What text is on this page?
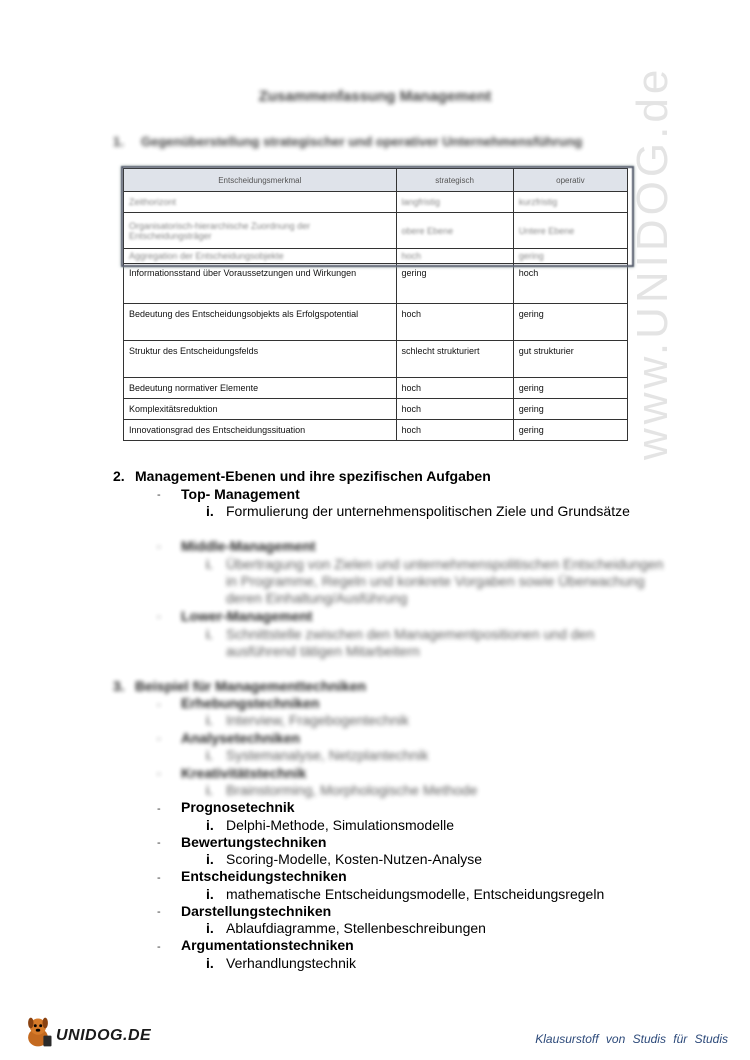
www.UNIDOG.de
Zusammenfassung Management
1. Gegenüberstellung strategischer und operativer Unternehmensführung
Entscheidungsmerkmal	strategisch	operativ
Zeithorizont	langfristig	kurzfristig
Organisatorisch-hierarchische Zuordnung der Entscheidungsträger	obere Ebene	Untere Ebene
Aggregation der Entscheidungsobjekte	hoch	gering
Informationsstand über Voraussetzungen und Wirkungen	gering	hoch
Bedeutung des Entscheidungsobjekts als Erfolgspotential	hoch	gering
Struktur des Entscheidungsfelds	schlecht strukturiert	gut strukturier
Bedeutung normativer Elemente	hoch	gering
Komplexitätsreduktion	hoch	gering
Innovationsgrad des Entscheidungssituation	hoch	gering
2. Management-Ebenen und ihre spezifischen Aufgaben
- Top- Management
i. Formulierung der unternehmenspolitischen Ziele und Grundsätze
- Middle-Management
i. Übertragung von Zielen und unternehmenspolitischen Entscheidungen in Programme, Regeln und konkrete Vorgaben sowie Überwachung deren Einhaltung/Ausführung
- Lower-Management
i. Schnittstelle zwischen den Managementpositionen und den ausführend tätigen Mitarbeitern
3. Beispiel für Managementtechniken
- Erhebungstechniken
i. Interview, Fragebogentechnik
- Analysetechniken
i. Systemanalyse, Netzplantechnik
- Kreativitätstechnik
i. Brainstorming, Morphologische Methode
- Prognosetechnik
i. Delphi-Methode, Simulationsmodelle
- Bewertungstechniken
i. Scoring-Modelle, Kosten-Nutzen-Analyse
- Entscheidungstechniken
i. mathematische Entscheidungsmodelle, Entscheidungsregeln
- Darstellungstechniken
i. Ablaufdiagramme, Stellenbeschreibungen
- Argumentationstechniken
i. Verhandlungstechnik
UNIDOG.DE	Klausurstoff von Studis für Studis
